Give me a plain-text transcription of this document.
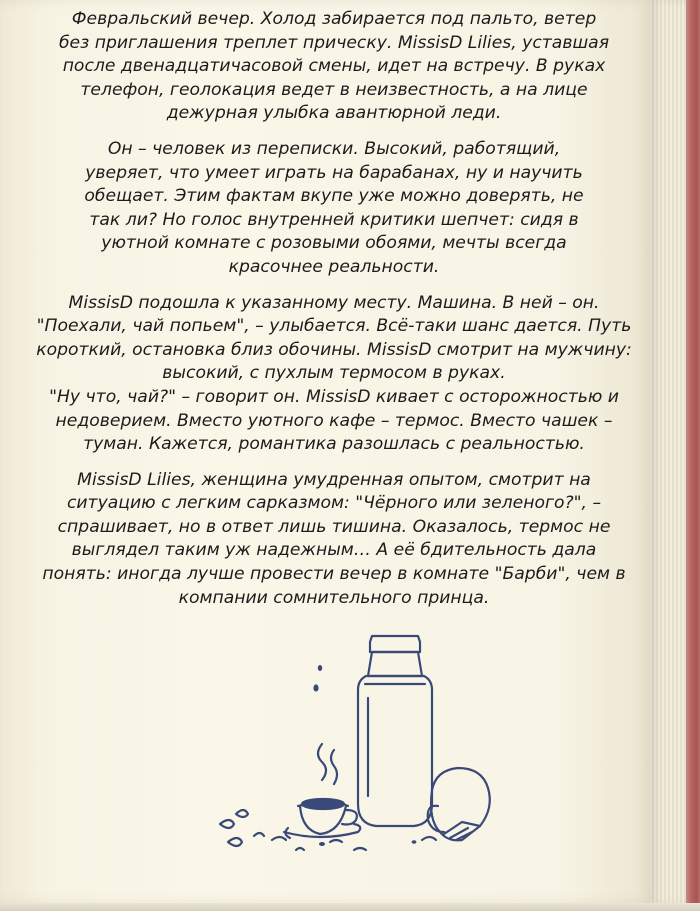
Февральский вечер. Холод забирается под пальто, ветер
без приглашения треплет прическу. MissisD Lilies, уставшая
после двенадцатичасовой смены, идет на встречу. В руках
телефон, геолокация ведет в неизвестность, а на лице
дежурная улыбка авантюрной леди.

Он – человек из переписки. Высокий, работящий,
уверяет, что умеет играть на барабанах, ну и научить
обещает. Этим фактам вкупе уже можно доверять, не
так ли? Но голос внутренней критики шепчет: сидя в
уютной комнате с розовыми обоями, мечты всегда
красочнее реальности.

MissisD подошла к указанному месту. Машина. В ней – он.
"Поехали, чай попьем", – улыбается. Всё-таки шанс дается. Путь
короткий, остановка близ обочины. MissisD смотрит на мужчину:
высокий, с пухлым термосом в руках.
"Ну что, чай?" – говорит он. MissisD кивает с осторожностью и
недоверием. Вместо уютного кафе – термос. Вместо чашек –
туман. Кажется, романтика разошлась с реальностью.

MissisD Lilies, женщина умудренная опытом, смотрит на
ситуацию с легким сарказмом: "Чёрного или зеленого?", –
спрашивает, но в ответ лишь тишина. Оказалось, термос не
выглядел таким уж надежным… А её бдительность дала
понять: иногда лучше провести вечер в комнате "Барби", чем в
компании сомнительного принца.
